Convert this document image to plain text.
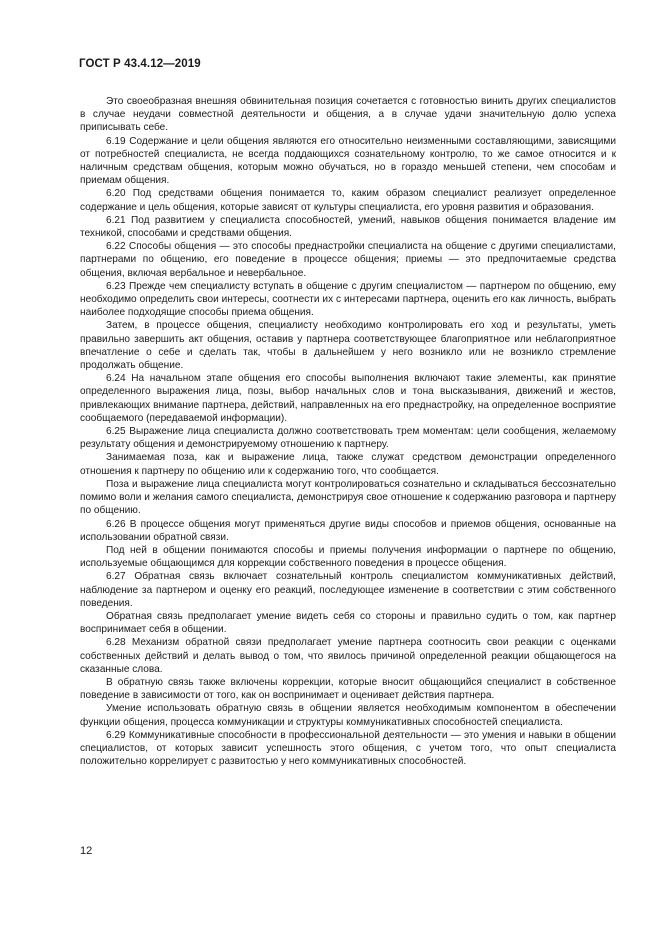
ГОСТ Р 43.4.12—2019

Это своеобразная внешняя обвинительная позиция сочетается с готовностью винить других специалистов в случае неудачи совместной деятельности и общения, а в случае удачи значительную долю успеха приписывать себе.

6.19 Содержание и цели общения являются его относительно неизменными составляющими, зависящими от потребностей специалиста, не всегда поддающихся сознательному контролю, то же самое относится и к наличным средствам общения, которым можно обучаться, но в гораздо меньшей степени, чем способам и приемам общения.

6.20 Под средствами общения понимается то, каким образом специалист реализует определенное содержание и цель общения, которые зависят от культуры специалиста, его уровня развития и образования.

6.21 Под развитием у специалиста способностей, умений, навыков общения понимается владение им техникой, способами и средствами общения.

6.22 Способы общения — это способы преднастройки специалиста на общение с другими специалистами, партнерами по общению, его поведение в процессе общения; приемы — это предпочитаемые средства общения, включая вербальное и невербальное.

6.23 Прежде чем специалисту вступать в общение с другим специалистом — партнером по общению, ему необходимо определить свои интересы, соотнести их с интересами партнера, оценить его как личность, выбрать наиболее подходящие способы приема общения.

Затем, в процессе общения, специалисту необходимо контролировать его ход и результаты, уметь правильно завершить акт общения, оставив у партнера соответствующее благоприятное или неблагоприятное впечатление о себе и сделать так, чтобы в дальнейшем у него возникло или не возникло стремление продолжать общение.

6.24 На начальном этапе общения его способы выполнения включают такие элементы, как принятие определенного выражения лица, позы, выбор начальных слов и тона высказывания, движений и жестов, привлекающих внимание партнера, действий, направленных на его преднастройку, на определенное восприятие сообщаемого (передаваемой информации).

6.25 Выражение лица специалиста должно соответствовать трем моментам: цели сообщения, желаемому результату общения и демонстрируемому отношению к партнеру.

Занимаемая поза, как и выражение лица, также служат средством демонстрации определенного отношения к партнеру по общению или к содержанию того, что сообщается.

Поза и выражение лица специалиста могут контролироваться сознательно и складываться бессознательно помимо воли и желания самого специалиста, демонстрируя свое отношение к содержанию разговора и партнеру по общению.

6.26 В процессе общения могут применяться другие виды способов и приемов общения, основанные на использовании обратной связи.

Под ней в общении понимаются способы и приемы получения информации о партнере по общению, используемые общающимся для коррекции собственного поведения в процессе общения.

6.27 Обратная связь включает сознательный контроль специалистом коммуникативных действий, наблюдение за партнером и оценку его реакций, последующее изменение в соответствии с этим собственного поведения.

Обратная связь предполагает умение видеть себя со стороны и правильно судить о том, как партнер воспринимает себя в общении.

6.28 Механизм обратной связи предполагает умение партнера соотносить свои реакции с оценками собственных действий и делать вывод о том, что явилось причиной определенной реакции общающегося на сказанные слова.

В обратную связь также включены коррекции, которые вносит общающийся специалист в собственное поведение в зависимости от того, как он воспринимает и оценивает действия партнера.

Умение использовать обратную связь в общении является необходимым компонентом в обеспечении функции общения, процесса коммуникации и структуры коммуникативных способностей специалиста.

6.29 Коммуникативные способности в профессиональной деятельности — это умения и навыки в общении специалистов, от которых зависит успешность этого общения, с учетом того, что опыт специалиста положительно коррелирует с развитостью у него коммуникативных способностей.

12
